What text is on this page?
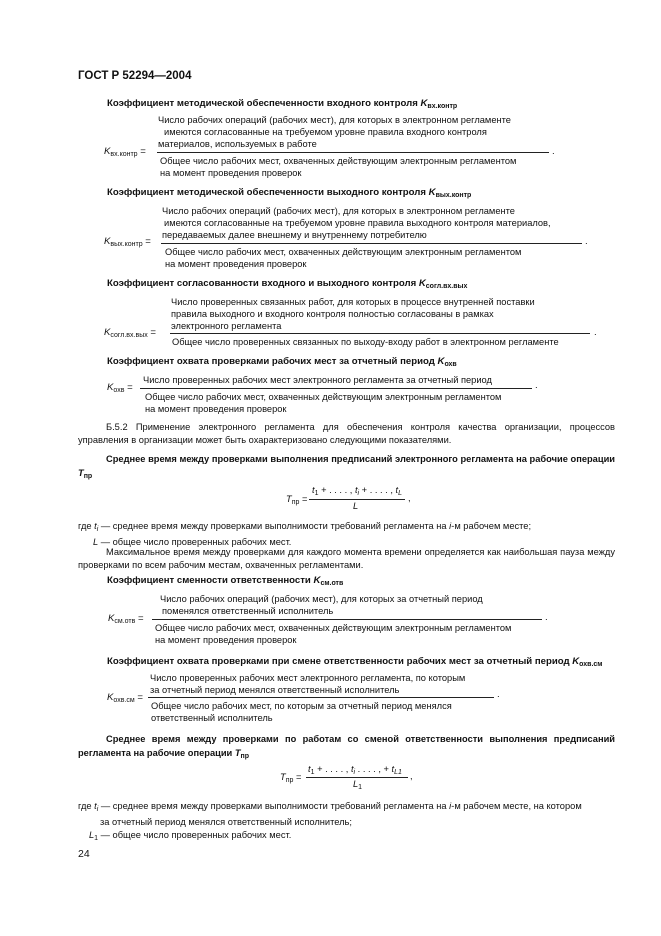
ГОСТ Р 52294—2004
Коэффициент методической обеспеченности входного контроля $K_{вх.контр}$
Число рабочих операций (рабочих мест), для которых в электронном регламенте
имеются согласованные на требуемом уровне правила входного контроля
материалов, используемых в работе
$K_{вх.контр}$ =
Общее число рабочих мест, охваченных действующим электронным регламентом
на момент проведения проверок
.
Коэффициент методической обеспеченности выходного контроля $K_{вых.контр}$
Число рабочих операций (рабочих мест), для которых в электронном регламенте
имеются согласованные на требуемом уровне правила выходного контроля материалов,
передаваемых далее внешнему и внутреннему потребителю
$K_{вых.контр}$ =
Общее число рабочих мест, охваченных действующим электронным регламентом
на момент проведения проверок
.
Коэффициент согласованности входного и выходного контроля $K_{согл.вх.вых}$
Число проверенных связанных работ, для которых в процессе внутренней поставки
правила выходного и входного контроля полностью согласованы в рамках
электронного регламента
$K_{согл.вх.вых}$ =
Общее число проверенных связанных по выходу-входу работ в электронном регламенте
.
Коэффициент охвата проверками рабочих мест за отчетный период $K_{охв}$
Число проверенных рабочих мест электронного регламента за отчетный период
$K_{охв}$ =
Общее число рабочих мест, охваченных действующим электронным регламентом
на момент проведения проверок
.
Б.5.2 Применение электронного регламента для обеспечения контроля качества организации, процессов управления в организации может быть охарактеризовано следующими показателями.
Среднее время между проверками выполнения предписаний электронного регламента на рабочие операции $T_{пр}$
$T_{пр}$ =
$t_1$ + . . . . , $t_i$ + . . . . , $t_L$
L
,
где $t_i$ — среднее время между проверками выполнимости требований регламента на i-м рабочем месте;
L — общее число проверенных рабочих мест.
Максимальное время между проверками для каждого момента времени определяется как наибольшая пауза между проверками по всем рабочим местам, охваченных регламентами.
Коэффициент сменности ответственности $K_{см.отв}$
Число рабочих операций (рабочих мест), для которых за отчетный период
поменялся ответственный исполнитель
$K_{см.отв}$ =
Общее число рабочих мест, охваченных действующим электронным регламентом
на момент проведения проверок
.
Коэффициент охвата проверками при смене ответственности рабочих мест за отчетный период $K_{охв.см}$
Число проверенных рабочих мест электронного регламента, по которым
за отчетный период менялся ответственный исполнитель
$K_{охв.см}$ =
Общее число рабочих мест, по которым за отчетный период менялся
ответственный исполнитель
.
Среднее время между проверками по работам со сменой ответственности выполнения предписаний регламента на рабочие операции $T_{пр}$
$T_{пр}$ =
$t_1$ + . . . . , $t_i$ . . . . , + $t_{L1}$
$L_1$
,
где $t_i$ — среднее время между проверками выполнимости требований регламента на i-м рабочем месте, на котором
за отчетный период менялся ответственный исполнитель;
$L_1$ — общее число проверенных рабочих мест.
24
